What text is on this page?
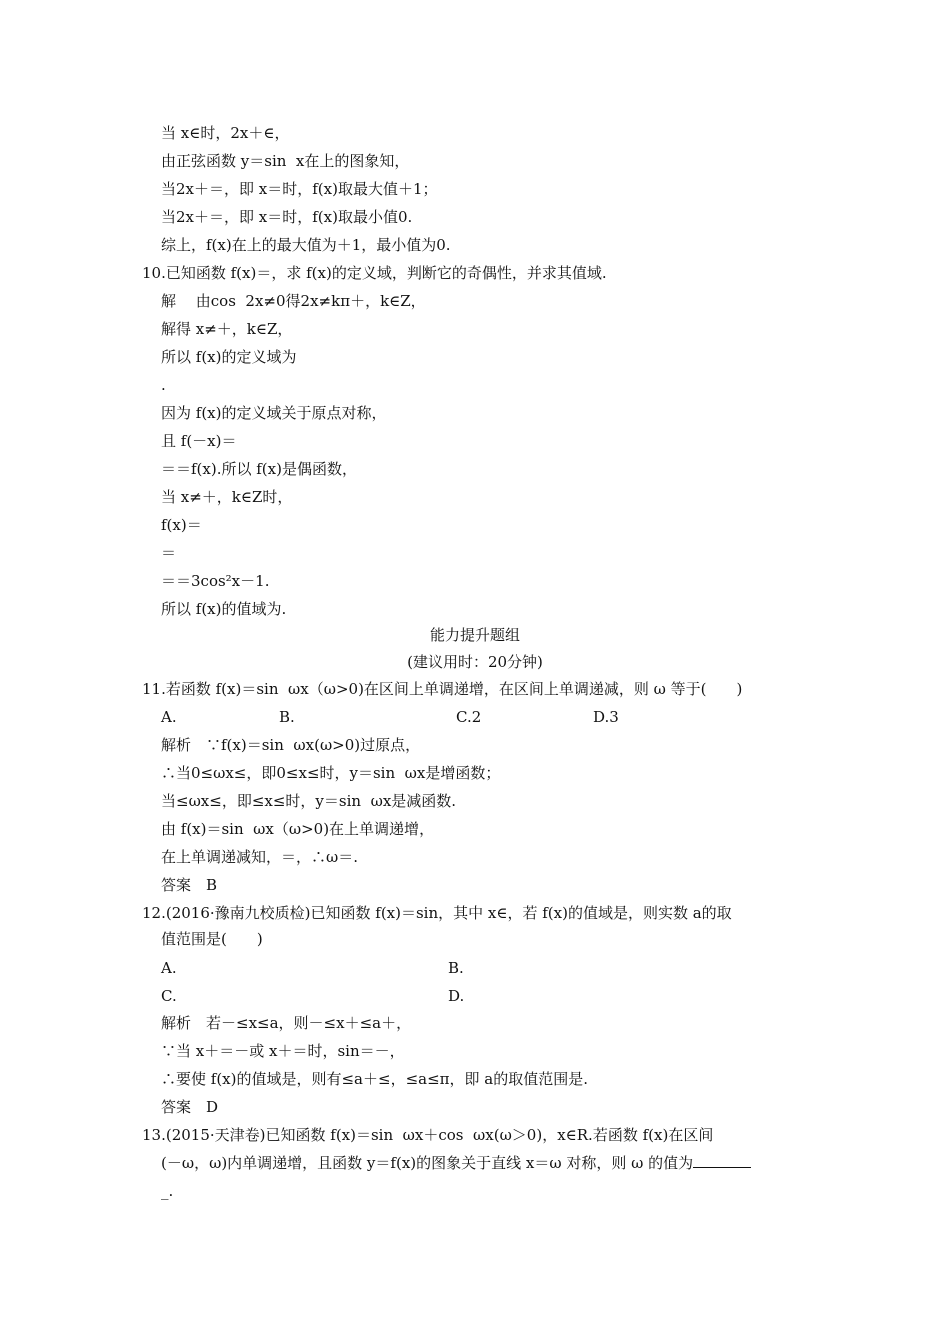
当 x∈时，2x＋∈，
由正弦函数 y＝sin  x在上的图象知，
当2x＋＝，即 x＝时，f(x)取最大值＋1；
当2x＋＝，即 x＝时，f(x)取最小值0.
综上，f(x)在上的最大值为＋1，最小值为0.
10.已知函数 f(x)＝，求 f(x)的定义域，判断它的奇偶性，并求其值域.
解　 由cos  2x≠0得2x≠kπ＋，k∈Z，
解得 x≠＋，k∈Z，
所以 f(x)的定义域为
.
因为 f(x)的定义域关于原点对称，
且 f(－x)＝
＝＝f(x).所以 f(x)是偶函数，
当 x≠＋，k∈Z时，
f(x)＝
＝
＝＝3cos²x－1.
所以 f(x)的值域为.
能力提升题组
(建议用时：20分钟)
11.若函数 f(x)＝sin  ωx（ω>0)在区间上单调递增，在区间上单调递减，则 ω 等于(　　)
A.	B.	C.2	D.3
解析　∵f(x)＝sin  ωx(ω>0)过原点，
∴当0≤ωx≤，即0≤x≤时，y＝sin  ωx是增函数；
当≤ωx≤，即≤x≤时，y＝sin  ωx是减函数.
由 f(x)＝sin  ωx（ω>0)在上单调递增，
在上单调递减知，＝，∴ω＝.
答案　B
12.(2016·豫南九校质检)已知函数 f(x)＝sin，其中 x∈，若 f(x)的值域是，则实数 a的取
值范围是(　　)
A.	B.
C.	D.
解析　若－≤x≤a，则－≤x＋≤a＋，
∵当 x＋＝－或 x＋＝时，sin＝－，
∴要使 f(x)的值域是，则有≤a＋≤，≤a≤π，即 a的取值范围是.
答案　D
13.(2015·天津卷)已知函数 f(x)＝sin  ωx＋cos  ωx(ω＞0)，x∈R.若函数 f(x)在区间
(－ω，ω)内单调递增，且函数 y＝f(x)的图象关于直线 x＝ω 对称，则 ω 的值为
_.
